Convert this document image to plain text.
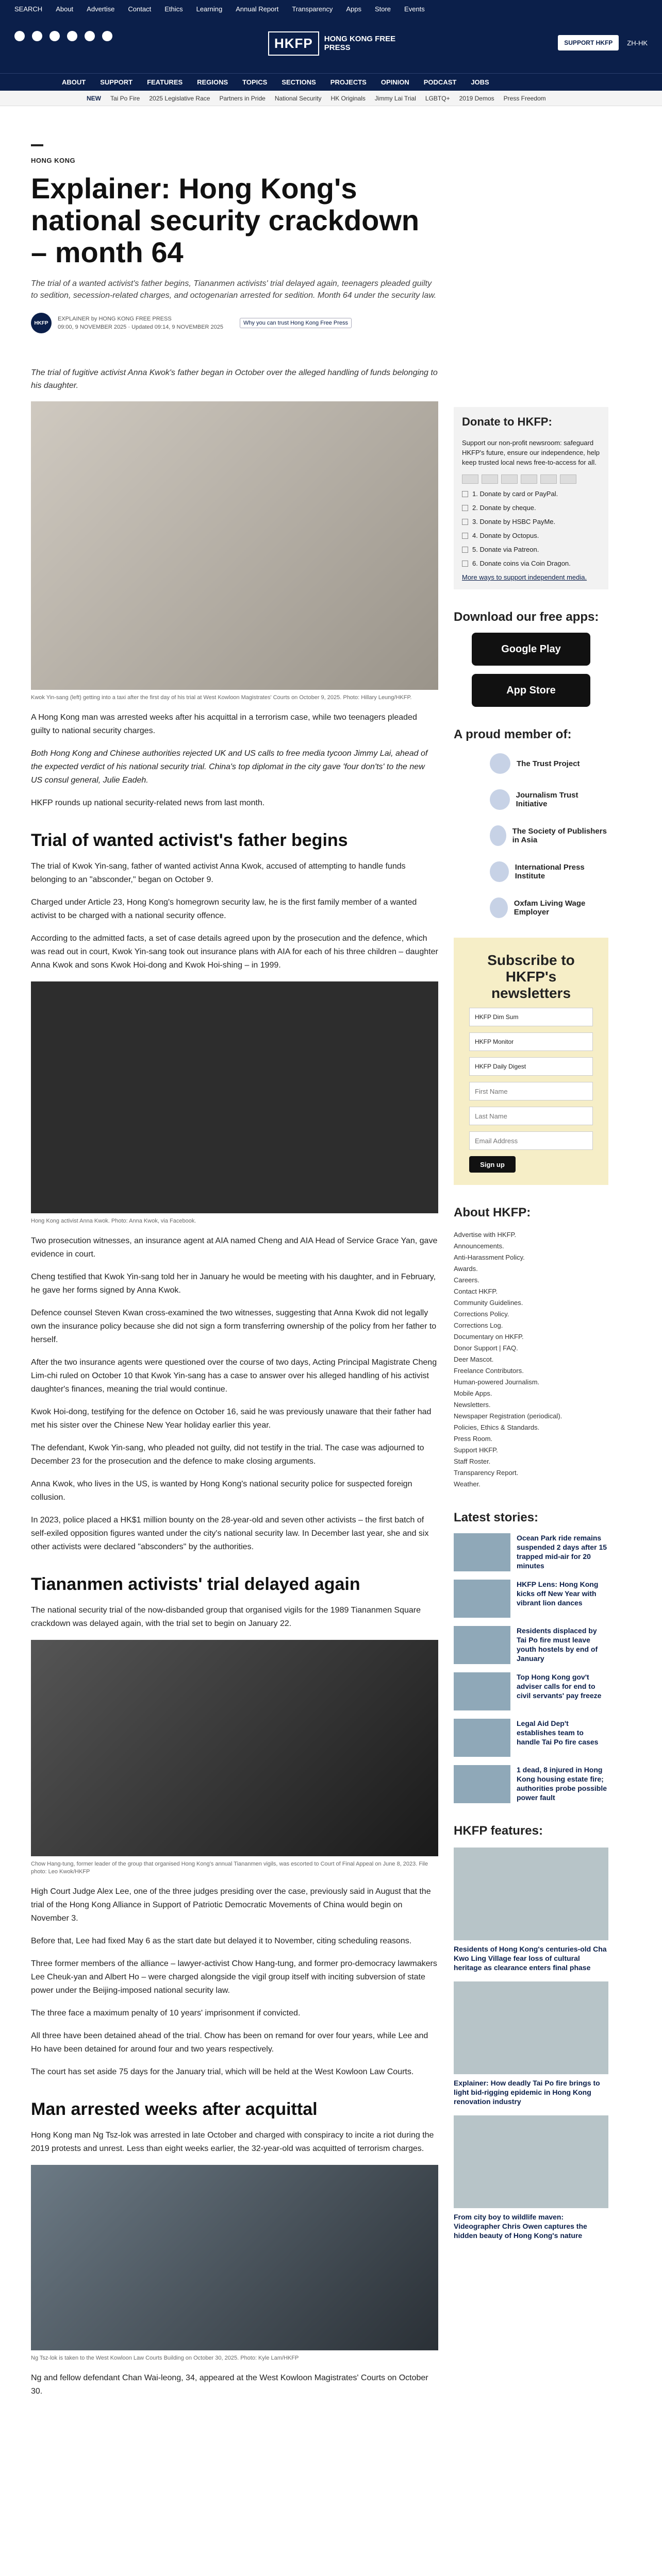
SEARCH About Advertise Contact Ethics Learning Annual Report Transparency Apps Store Events
HKFP	HONG KONG FREE PRESS
SUPPORT HKFP	ZH-HK
ABOUT SUPPORT FEATURES REGIONS TOPICS SECTIONS PROJECTS OPINION PODCAST JOBS
NEW Tai Po Fire 2025 Legislative Race Partners in Pride National Security HK Originals Jimmy Lai Trial LGBTQ+ 2019 Demos Press Freedom
HONG KONG
Explainer: Hong Kong's national security crackdown – month 64
The trial of a wanted activist's father begins, Tiananmen activists' trial delayed again, teenagers pleaded guilty to sedition, secession-related charges, and octogenarian arrested for sedition. Month 64 under the security law.
HKFP
EXPLAINER by HONG KONG FREE PRESS
09:00, 9 NOVEMBER 2025 · Updated 09:14, 9 NOVEMBER 2025
Why you can trust Hong Kong Free Press
The trial of fugitive activist Anna Kwok's father began in October over the alleged handling of funds belonging to his daughter.
Kwok Yin-sang (left) getting into a taxi after the first day of his trial at West Kowloon Magistrates' Courts on October 9, 2025. Photo: Hillary Leung/HKFP.
A Hong Kong man was arrested weeks after his acquittal in a terrorism case, while two teenagers pleaded guilty to national security charges.
Both Hong Kong and Chinese authorities rejected UK and US calls to free media tycoon Jimmy Lai, ahead of the expected verdict of his national security trial. China's top diplomat in the city gave 'four don'ts' to the new US consul general, Julie Eadeh.
HKFP rounds up national security-related news from last month.
Trial of wanted activist's father begins
The trial of Kwok Yin-sang, father of wanted activist Anna Kwok, accused of attempting to handle funds belonging to an "absconder," began on October 9.
Charged under Article 23, Hong Kong's homegrown security law, he is the first family member of a wanted activist to be charged with a national security offence.
According to the admitted facts, a set of case details agreed upon by the prosecution and the defence, which was read out in court, Kwok Yin-sang took out insurance plans with AIA for each of his three children – daughter Anna Kwok and sons Kwok Hoi-dong and Kwok Hoi-shing – in 1999.
Hong Kong activist Anna Kwok. Photo: Anna Kwok, via Facebook.
Two prosecution witnesses, an insurance agent at AIA named Cheng and AIA Head of Service Grace Yan, gave evidence in court.
Cheng testified that Kwok Yin-sang told her in January he would be meeting with his daughter, and in February, he gave her forms signed by Anna Kwok.
Defence counsel Steven Kwan cross-examined the two witnesses, suggesting that Anna Kwok did not legally own the insurance policy because she did not sign a form transferring ownership of the policy from her father to herself.
After the two insurance agents were questioned over the course of two days, Acting Principal Magistrate Cheng Lim-chi ruled on October 10 that Kwok Yin-sang has a case to answer over his alleged handling of his activist daughter's finances, meaning the trial would continue.
Kwok Hoi-dong, testifying for the defence on October 16, said he was previously unaware that their father had met his sister over the Chinese New Year holiday earlier this year.
The defendant, Kwok Yin-sang, who pleaded not guilty, did not testify in the trial. The case was adjourned to December 23 for the prosecution and the defence to make closing arguments.
Anna Kwok, who lives in the US, is wanted by Hong Kong's national security police for suspected foreign collusion.
In 2023, police placed a HK$1 million bounty on the 28-year-old and seven other activists – the first batch of self-exiled opposition figures wanted under the city's national security law. In December last year, she and six other activists were declared "absconders" by the authorities.
Tiananmen activists' trial delayed again
The national security trial of the now-disbanded group that organised vigils for the 1989 Tiananmen Square crackdown was delayed again, with the trial set to begin on January 22.
Chow Hang-tung, former leader of the group that organised Hong Kong's annual Tiananmen vigils, was escorted to Court of Final Appeal on June 8, 2023. File photo: Leo Kwok/HKFP
High Court Judge Alex Lee, one of the three judges presiding over the case, previously said in August that the trial of the Hong Kong Alliance in Support of Patriotic Democratic Movements of China would begin on November 3.
Before that, Lee had fixed May 6 as the start date but delayed it to November, citing scheduling reasons.
Three former members of the alliance – lawyer-activist Chow Hang-tung, and former pro-democracy lawmakers Lee Cheuk-yan and Albert Ho – were charged alongside the vigil group itself with inciting subversion of state power under the Beijing-imposed national security law.
The three face a maximum penalty of 10 years' imprisonment if convicted.
All three have been detained ahead of the trial. Chow has been on remand for over four years, while Lee and Ho have been detained for around four and two years respectively.
The court has set aside 75 days for the January trial, which will be held at the West Kowloon Law Courts.
Man arrested weeks after acquittal
Hong Kong man Ng Tsz-lok was arrested in late October and charged with conspiracy to incite a riot during the 2019 protests and unrest. Less than eight weeks earlier, the 32-year-old was acquitted of terrorism charges.
Ng Tsz-lok is taken to the West Kowloon Law Courts Building on October 30, 2025. Photo: Kyle Lam/HKFP
Ng and fellow defendant Chan Wai-leong, 34, appeared at the West Kowloon Magistrates' Courts on October 30.
Donate to HKFP:
Support our non-profit newsroom: safeguard HKFP's future, ensure our independence, help keep trusted local news free-to-access for all.
1. Donate by card or PayPal.
2. Donate by cheque.
3. Donate by HSBC PayMe.
4. Donate by Octopus.
5. Donate via Patreon.
6. Donate coins via Coin Dragon.
More ways to support independent media.
Download our free apps:
Google Play
App Store
A proud member of:
The Trust Project
Journalism Trust Initiative
The Society of Publishers in Asia
International Press Institute
Oxfam Living Wage Employer
Subscribe to HKFP's newsletters
HKFP Dim Sum
HKFP Monitor
HKFP Daily Digest
First Name Last Name Email Address
Sign up
About HKFP:
Advertise with HKFP.
Announcements.
Anti-Harassment Policy.
Awards.
Careers.
Contact HKFP.
Community Guidelines.
Corrections Policy.
Corrections Log.
Documentary on HKFP.
Donor Support | FAQ.
Deer Mascot.
Freelance Contributors.
Human-powered Journalism.
Mobile Apps.
Newsletters.
Newspaper Registration (periodical).
Policies, Ethics & Standards.
Press Room.
Support HKFP.
Staff Roster.
Transparency Report.
Weather.
Latest stories:
Ocean Park ride remains suspended 2 days after 15 trapped mid-air for 20 minutes
HKFP Lens: Hong Kong kicks off New Year with vibrant lion dances
Residents displaced by Tai Po fire must leave youth hostels by end of January
Top Hong Kong gov't adviser calls for end to civil servants' pay freeze
Legal Aid Dep't establishes team to handle Tai Po fire cases
1 dead, 8 injured in Hong Kong housing estate fire; authorities probe possible power fault
HKFP features:
Residents of Hong Kong's centuries-old Cha Kwo Ling Village fear loss of cultural heritage as clearance enters final phase
Explainer: How deadly Tai Po fire brings to light bid-rigging epidemic in Hong Kong renovation industry
From city boy to wildlife maven: Videographer Chris Owen captures the hidden beauty of Hong Kong's nature
